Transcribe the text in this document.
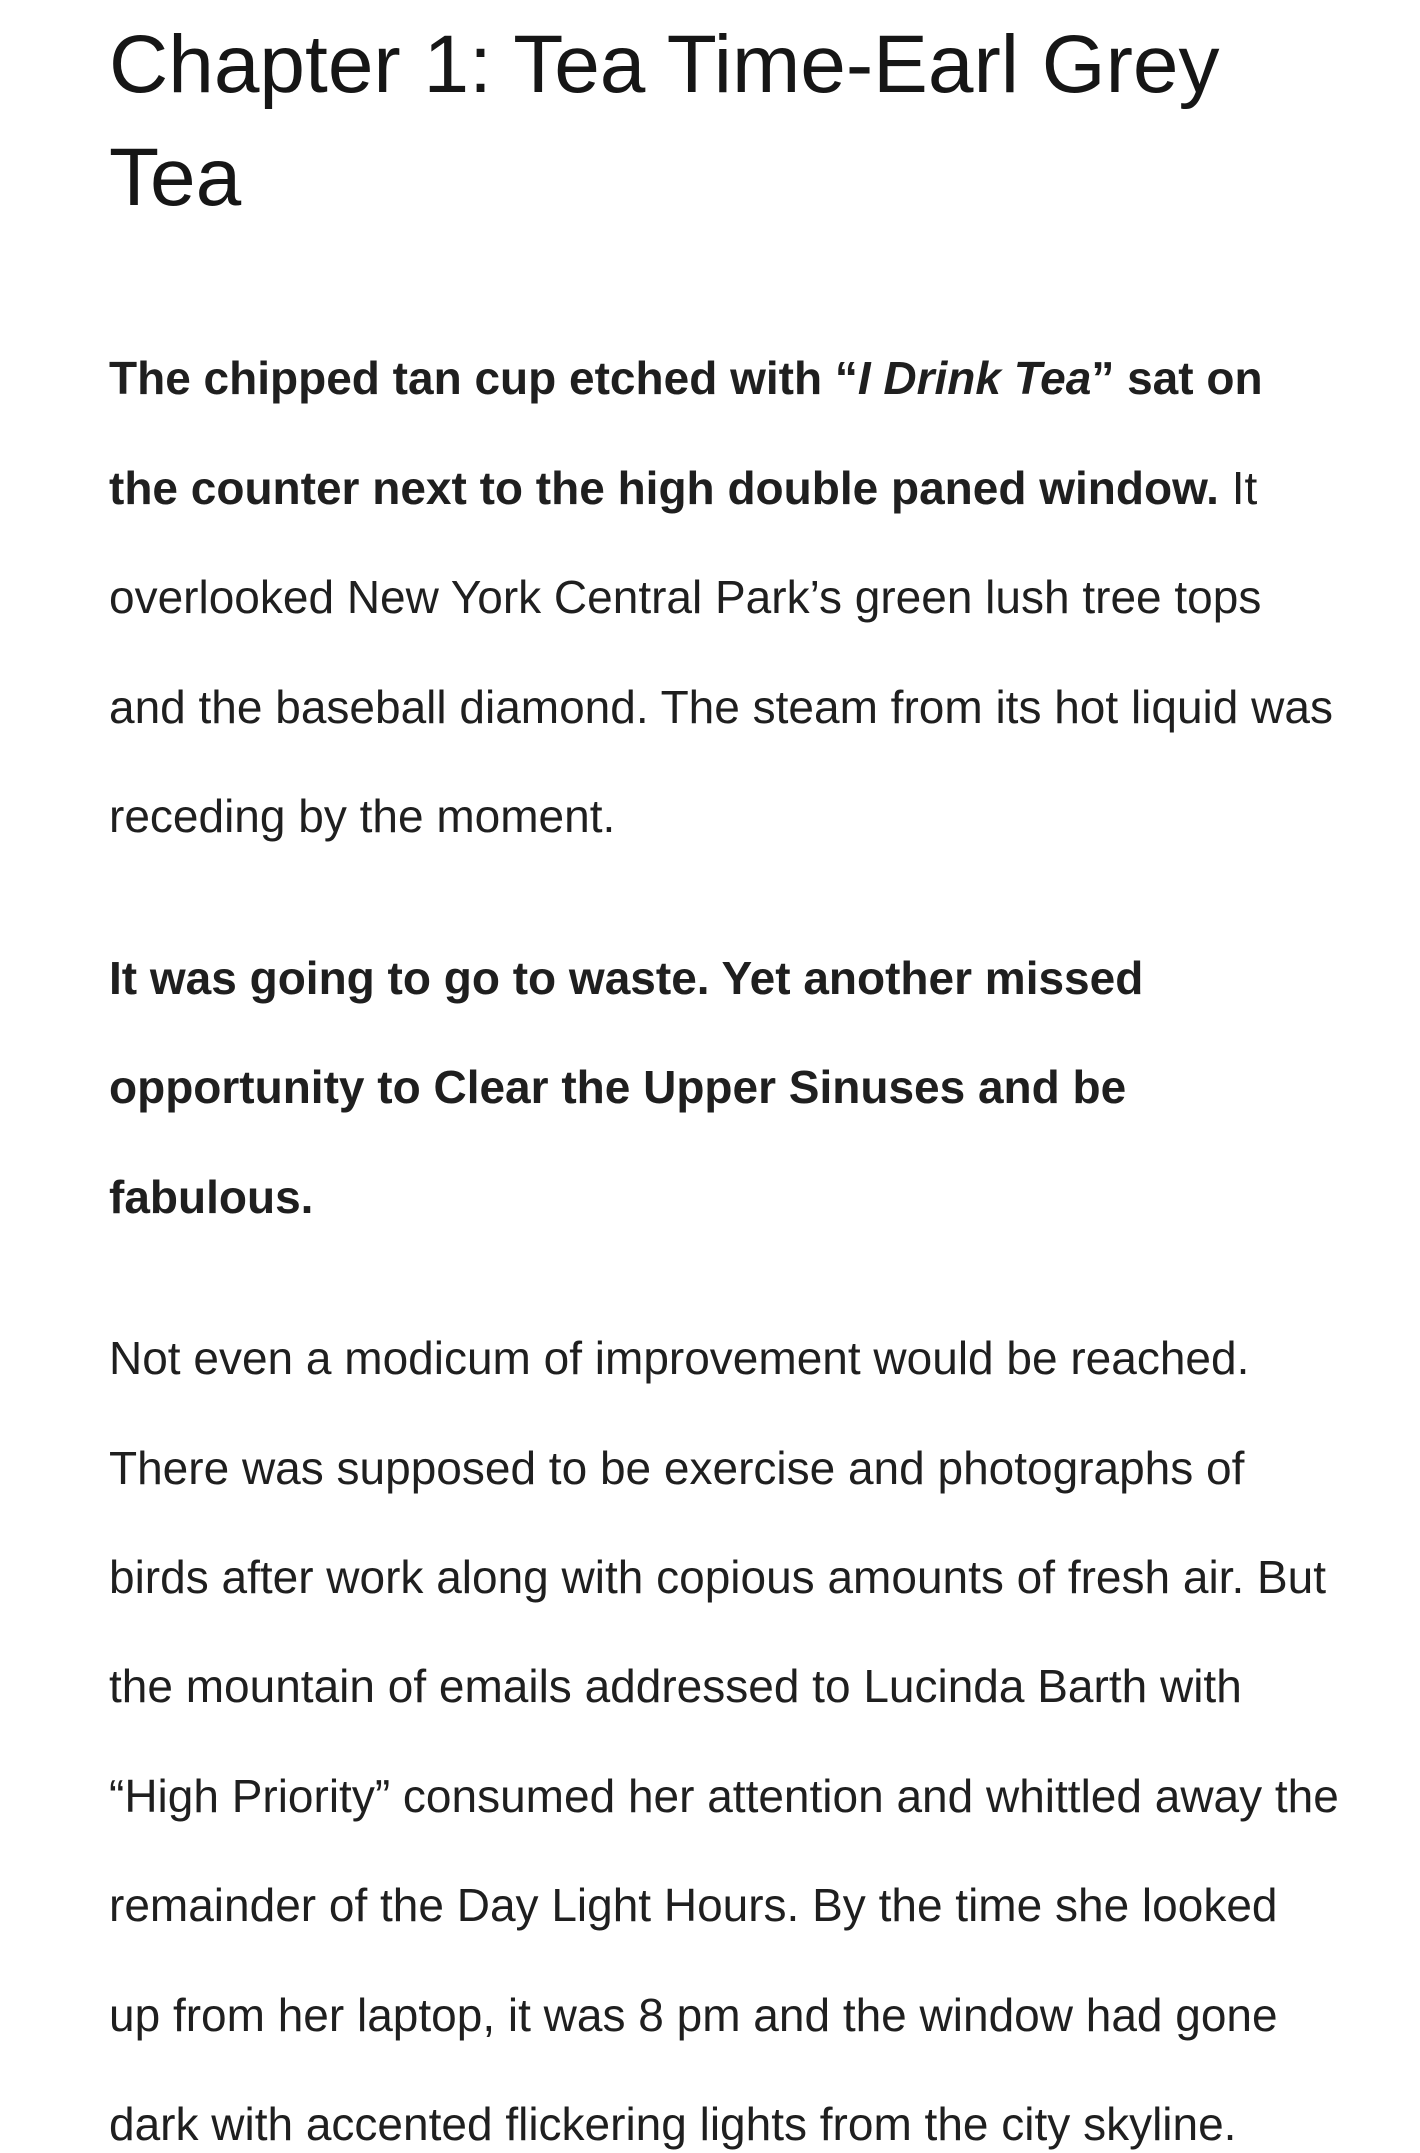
Chapter 1: Tea Time-Earl Grey Tea

The chipped tan cup etched with “I Drink Tea” sat on the counter next to the high double paned window. It overlooked New York Central Park’s green lush tree tops and the baseball diamond. The steam from its hot liquid was receding by the moment.

It was going to go to waste. Yet another missed opportunity to Clear the Upper Sinuses and be fabulous.

Not even a modicum of improvement would be reached. There was supposed to be exercise and photographs of birds after work along with copious amounts of fresh air. But the mountain of emails addressed to Lucinda Barth with “High Priority” consumed her attention and whittled away the remainder of the Day Light Hours. By the time she looked up from her laptop, it was 8 pm and the window had gone dark with accented flickering lights from the city skyline.
